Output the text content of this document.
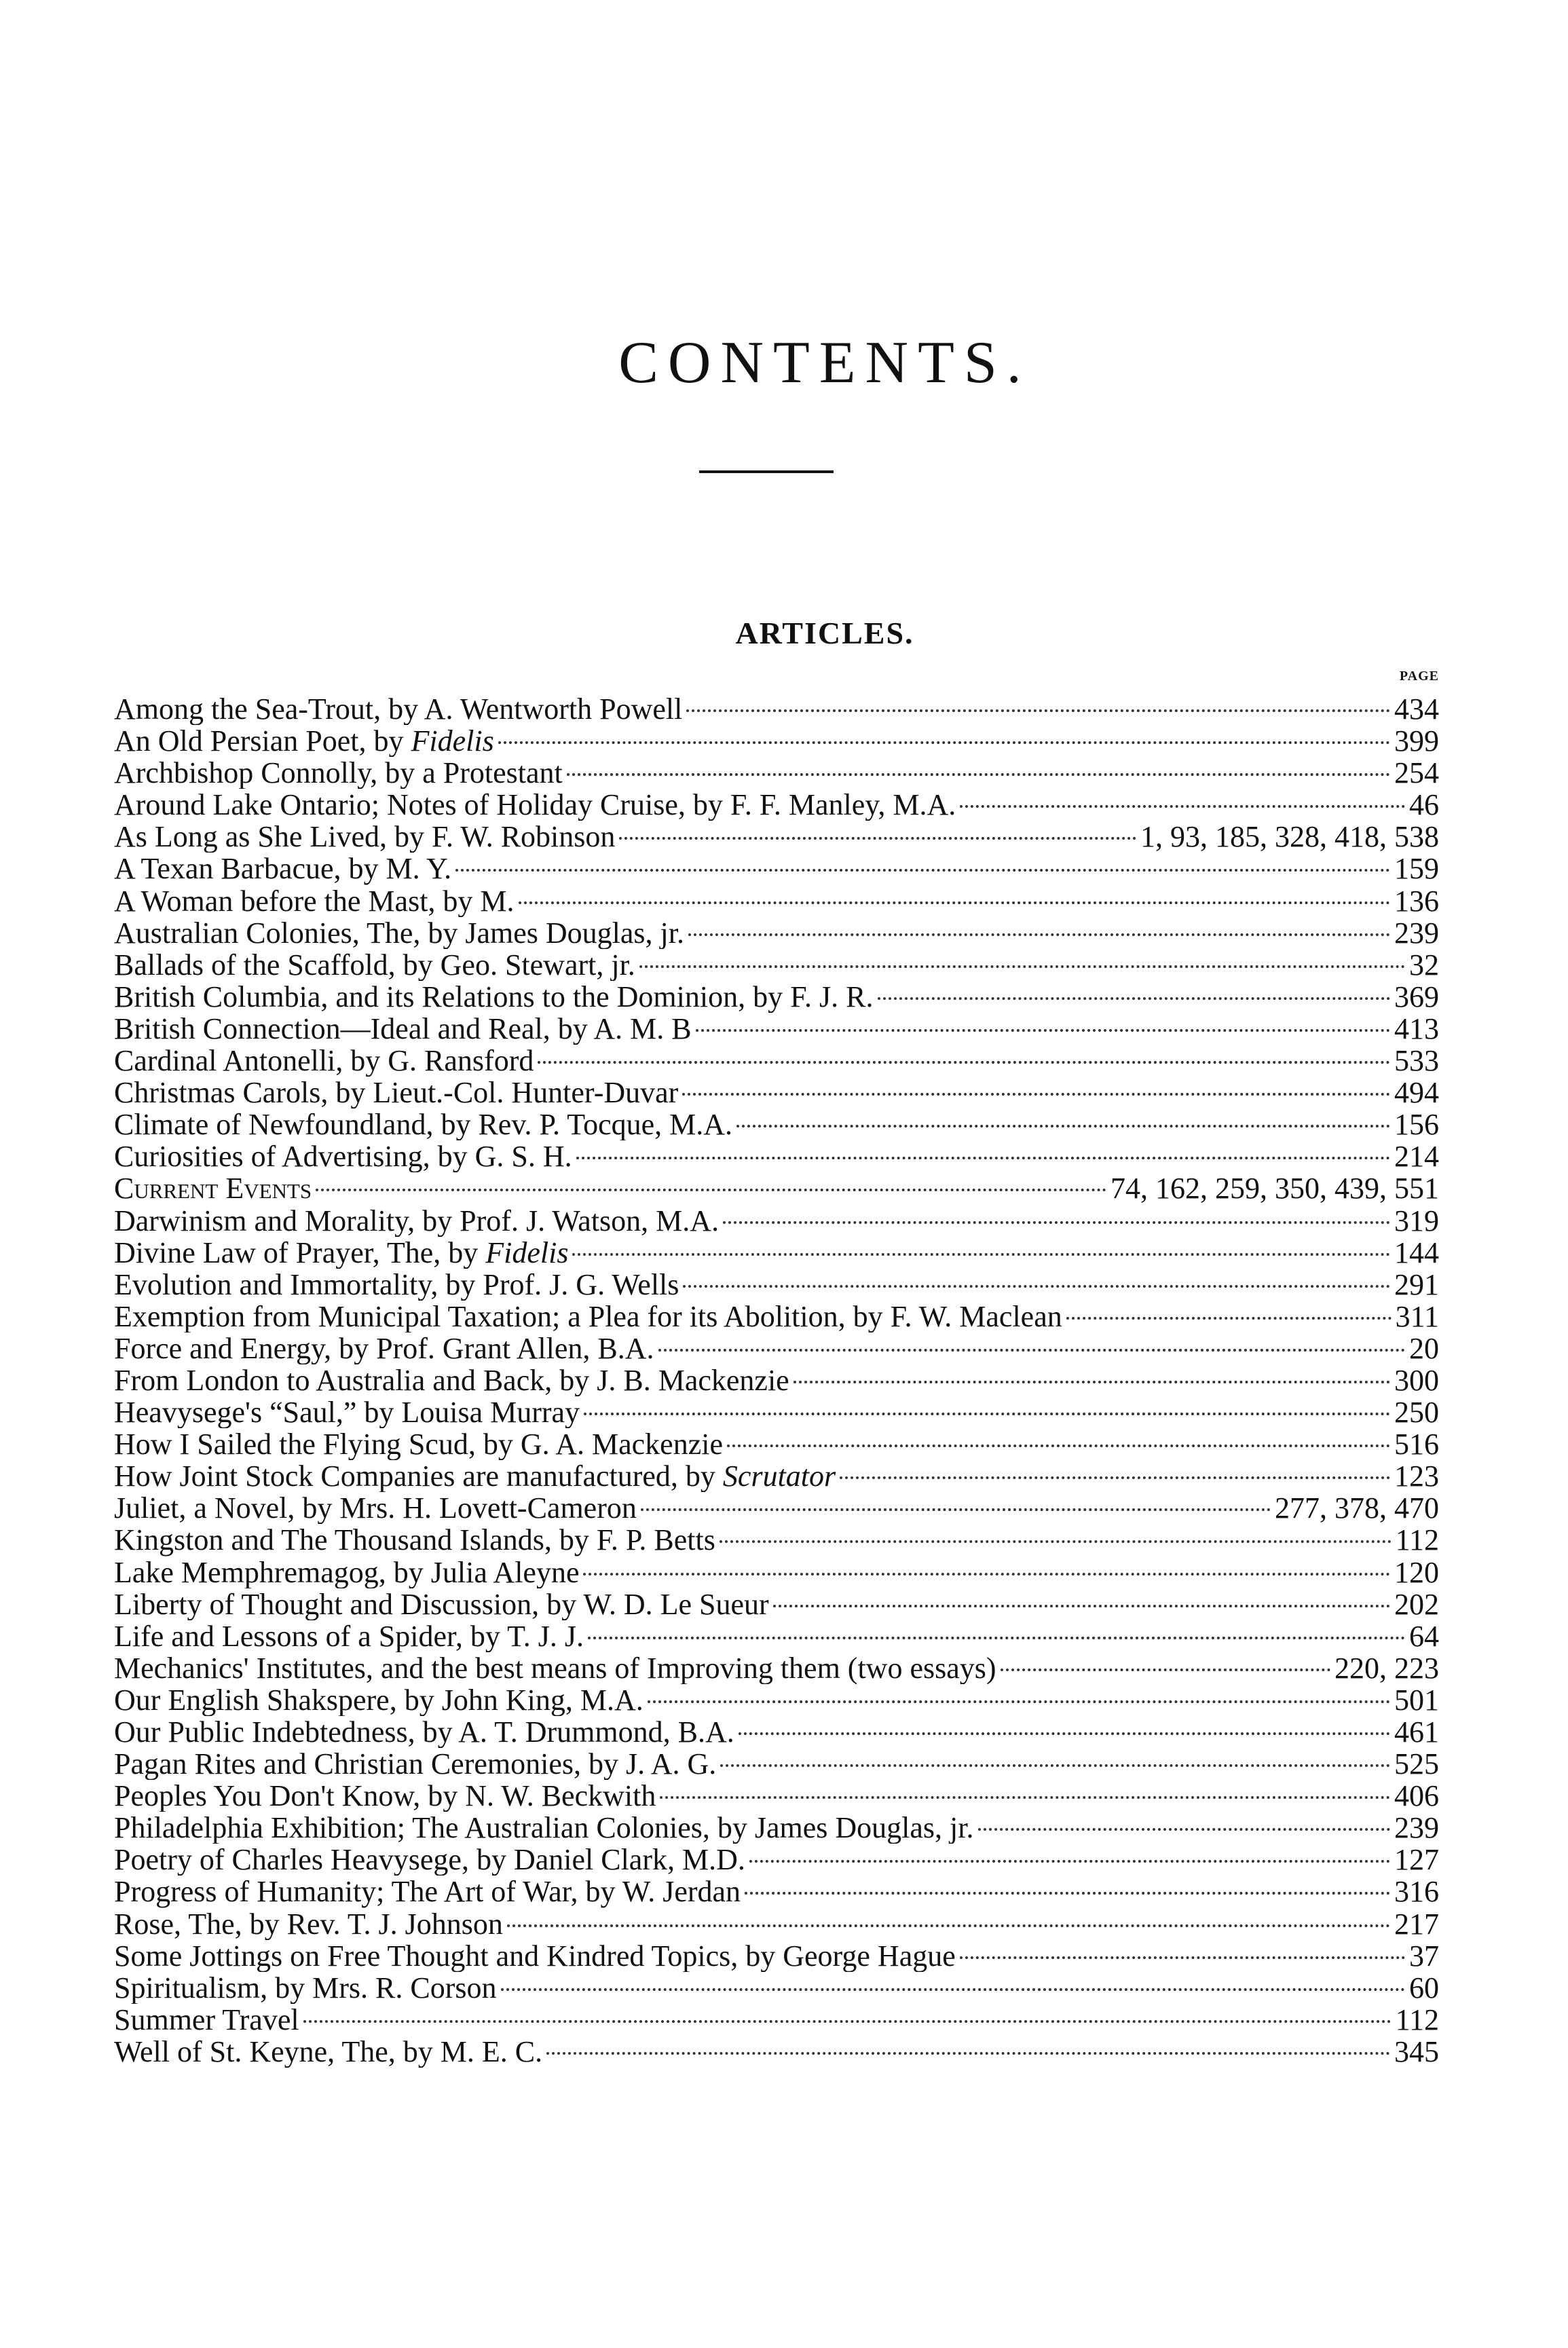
CONTENTS.
ARTICLES.
PAGE
Among the Sea-Trout, by A. Wentworth Powell	434
An Old Persian Poet, by Fidelis	399
Archbishop Connolly, by a Protestant	254
Around Lake Ontario; Notes of Holiday Cruise, by F. F. Manley, M.A.	46
As Long as She Lived, by F. W. Robinson	1, 93, 185, 328, 418, 538
A Texan Barbacue, by M. Y.	159
A Woman before the Mast, by M.	136
Australian Colonies, The, by James Douglas, jr.	239
Ballads of the Scaffold, by Geo. Stewart, jr.	32
British Columbia, and its Relations to the Dominion, by F. J. R.	369
British Connection—Ideal and Real, by A. M. B	413
Cardinal Antonelli, by G. Ransford	533
Christmas Carols, by Lieut.-Col. Hunter-Duvar	494
Climate of Newfoundland, by Rev. P. Tocque, M.A.	156
Curiosities of Advertising, by G. S. H.	214
Current Events	74, 162, 259, 350, 439, 551
Darwinism and Morality, by Prof. J. Watson, M.A.	319
Divine Law of Prayer, The, by Fidelis	144
Evolution and Immortality, by Prof. J. G. Wells	291
Exemption from Municipal Taxation; a Plea for its Abolition, by F. W. Maclean	311
Force and Energy, by Prof. Grant Allen, B.A.	20
From London to Australia and Back, by J. B. Mackenzie	300
Heavysege's “Saul,” by Louisa Murray	250
How I Sailed the Flying Scud, by G. A. Mackenzie	516
How Joint Stock Companies are manufactured, by Scrutator	123
Juliet, a Novel, by Mrs. H. Lovett-Cameron	277, 378, 470
Kingston and The Thousand Islands, by F. P. Betts	112
Lake Memphremagog, by Julia Aleyne	120
Liberty of Thought and Discussion, by W. D. Le Sueur	202
Life and Lessons of a Spider, by T. J. J.	64
Mechanics' Institutes, and the best means of Improving them (two essays)	220, 223
Our English Shakspere, by John King, M.A.	501
Our Public Indebtedness, by A. T. Drummond, B.A.	461
Pagan Rites and Christian Ceremonies, by J. A. G.	525
Peoples You Don't Know, by N. W. Beckwith	406
Philadelphia Exhibition; The Australian Colonies, by James Douglas, jr.	239
Poetry of Charles Heavysege, by Daniel Clark, M.D.	127
Progress of Humanity; The Art of War, by W. Jerdan	316
Rose, The, by Rev. T. J. Johnson	217
Some Jottings on Free Thought and Kindred Topics, by George Hague	37
Spiritualism, by Mrs. R. Corson	60
Summer Travel	112
Well of St. Keyne, The, by M. E. C.	345
